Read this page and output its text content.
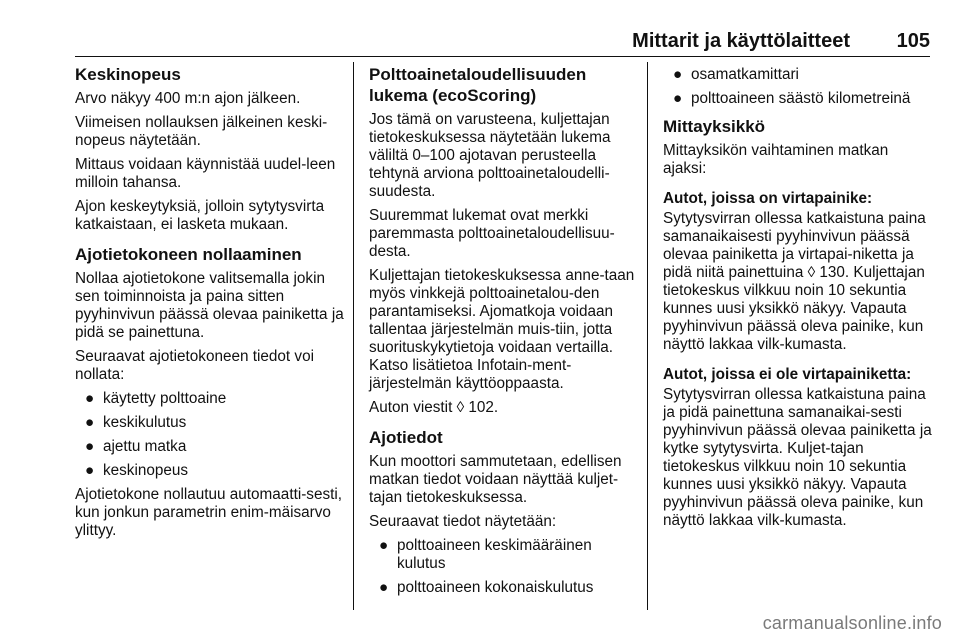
Mittarit ja käyttölaitteet	105
Keskinopeus

Arvo näkyy 400 m:n ajon jälkeen.

Viimeisen nollauksen jälkeinen keski-nopeus näytetään.

Mittaus voidaan käynnistää uudel-leen milloin tahansa.

Ajon keskeytyksiä, jolloin sytytysvirta katkaistaan, ei lasketa mukaan.

Ajotietokoneen nollaaminen

Nollaa ajotietokone valitsemalla jokin sen toiminnoista ja paina sitten pyyhinvivun päässä olevaa painiketta ja pidä se painettuna.

Seuraavat ajotietokoneen tiedot voi nollata:

● käytetty polttoaine
● keskikulutus
● ajettu matka
● keskinopeus

Ajotietokone nollautuu automaatti-sesti, kun jonkun parametrin enim-mäisarvo ylittyy.

Polttoainetaloudellisuuden lukema (ecoScoring)

Jos tämä on varusteena, kuljettajan tietokeskuksessa näytetään lukema väliltä 0–100 ajotavan perusteella tehtynä arviona polttoainetaloudelli-suudesta.

Suuremmat lukemat ovat merkki paremmasta polttoainetaloudellisuu-desta.

Kuljettajan tietokeskuksessa anne-taan myös vinkkejä polttoainetalou-den parantamiseksi. Ajomatkoja voidaan tallentaa järjestelmän muis-tiin, jotta suorituskykytietoja voidaan vertailla. Katso lisätietoa Infotain-ment-järjestelmän käyttöoppaasta.

Auton viestit ◊ 102.

Ajotiedot

Kun moottori sammutetaan, edellisen matkan tiedot voidaan näyttää kuljet-tajan tietokeskuksessa.

Seuraavat tiedot näytetään:

● polttoaineen keskimääräinen kulutus
● polttoaineen kokonaiskulutus
● osamatkamittari
● polttoaineen säästö kilometreinä
Mittayksikkö

Mittayksikön vaihtaminen matkan ajaksi:

Autot, joissa on virtapainike:

Sytytysvirran ollessa katkaistuna paina samanaikaisesti pyyhinvivun päässä olevaa painiketta ja virtapai-niketta ja pidä niitä painettuina ◊ 130. Kuljettajan tietokeskus vilkkuu noin 10 sekuntia kunnes uusi yksikkö näkyy. Vapauta pyyhinvivun päässä oleva painike, kun näyttö lakkaa vilk-kumasta.

Autot, joissa ei ole virtapainiketta:

Sytytysvirran ollessa katkaistuna paina ja pidä painettuna samanaikai-sesti pyyhinvivun päässä olevaa painiketta ja kytke sytytysvirta. Kuljet-tajan tietokeskus vilkkuu noin 10 sekuntia kunnes uusi yksikkö näkyy. Vapauta pyyhinvivun päässä oleva painike, kun näyttö lakkaa vilk-kumasta.

carmanualsonline.info
